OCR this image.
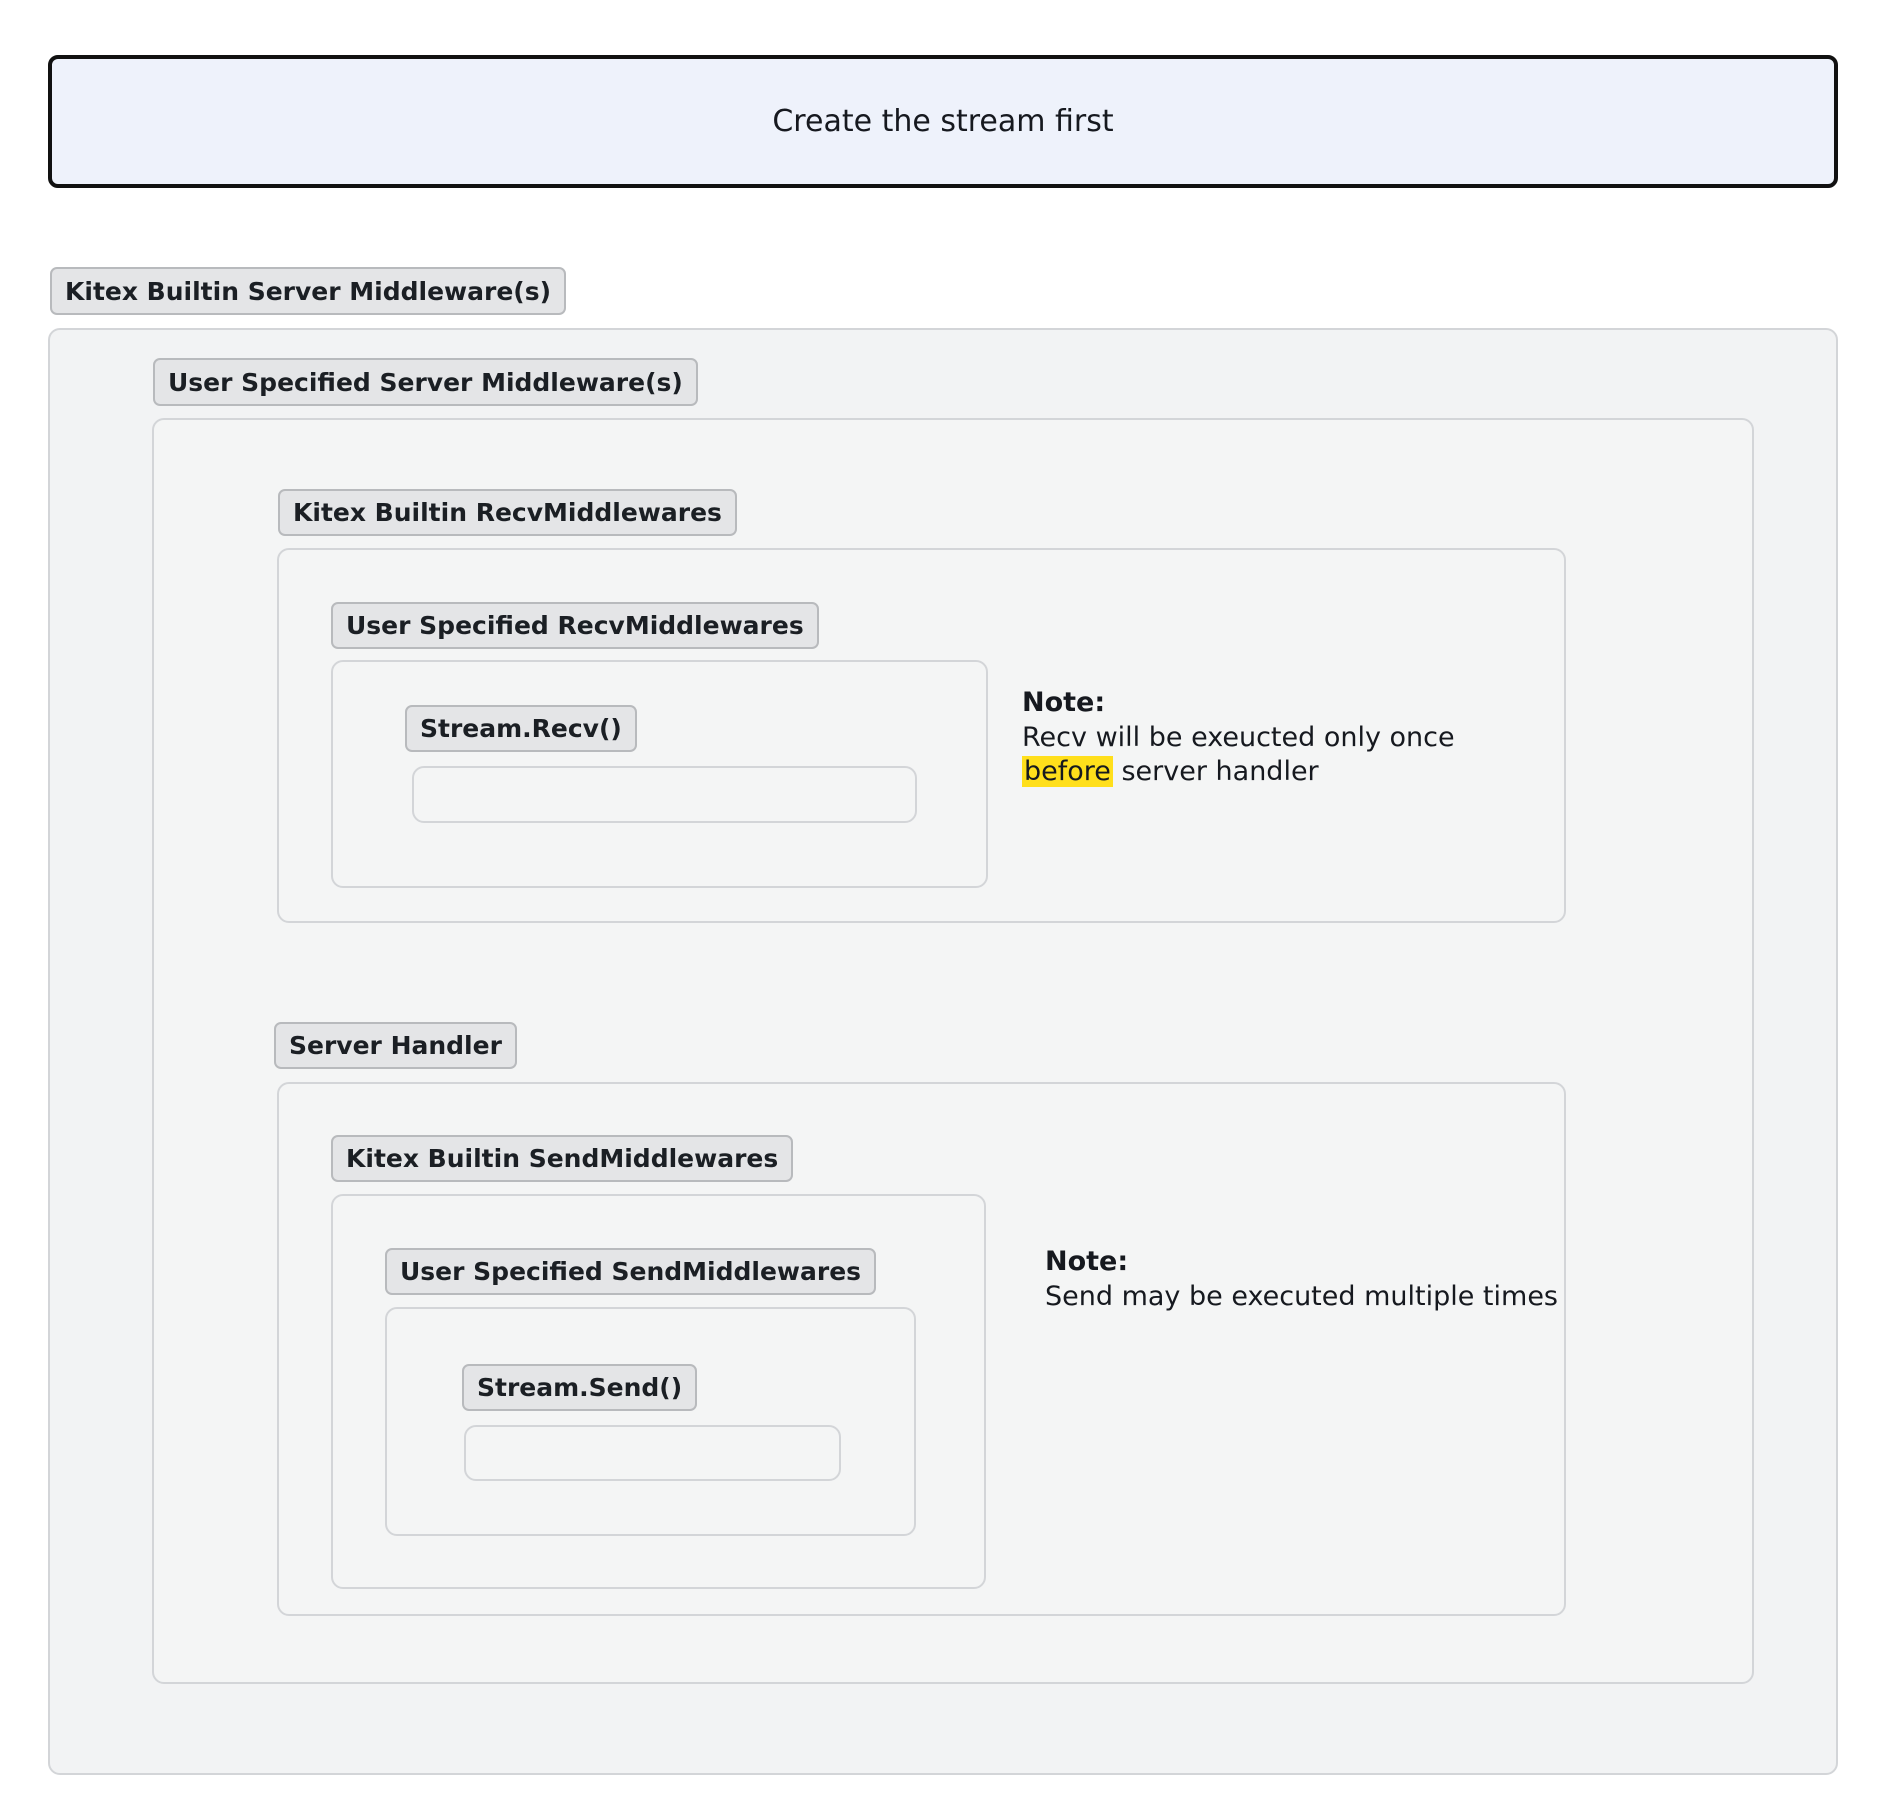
Create the stream first
Kitex Builtin Server Middleware(s)
User Specified Server Middleware(s)
Kitex Builtin RecvMiddlewares
User Specified RecvMiddlewares
Stream.Recv()
Note:
Recv will be exeucted only once
before server handler
Server Handler
Kitex Builtin SendMiddlewares
User Specified SendMiddlewares
Stream.Send()
Note:
Send may be executed multiple times
